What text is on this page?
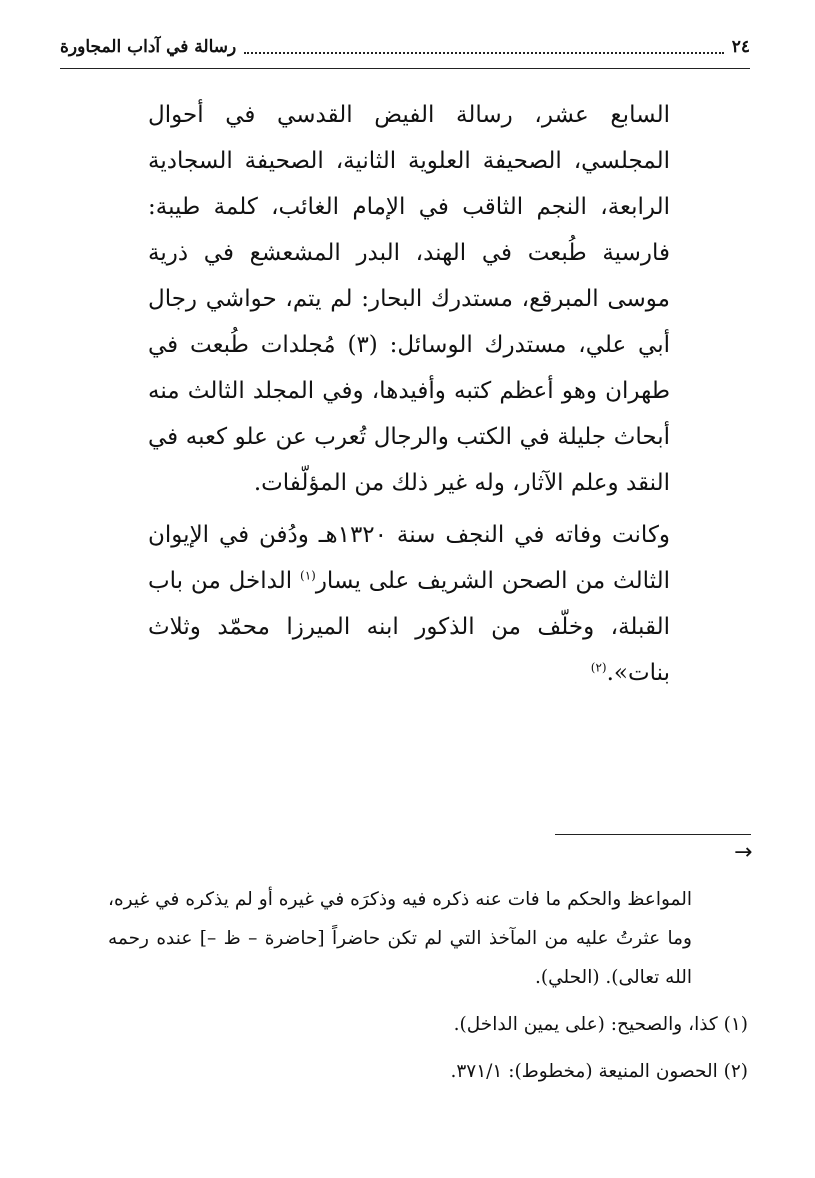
٢٤
رسالة في آداب المجاورة

السابع عشر، رسالة الفيض القدسي في أحوال المجلسي، الصحيفة العلوية الثانية، الصحيفة السجادية الرابعة، النجم الثاقب في الإمام الغائب، كلمة طيبة: فارسية طُبعت في الهند، البدر المشعشع في ذرية موسى المبرقع، مستدرك البحار: لم يتم، حواشي رجال أبي علي، مستدرك الوسائل: (٣) مُجلدات طُبعت في طهران وهو أعظم كتبه وأفيدها، وفي المجلد الثالث منه أبحاث جليلة في الكتب والرجال تُعرب عن علو كعبه في النقد وعلم الآثار، وله غير ذلك من المؤلّفات.

وكانت وفاته في النجف سنة ١٣٢٠هـ ودُفن في الإيوان الثالث من الصحن الشريف على يسار$^{(١)}$ الداخل من باب القبلة، وخلّف من الذكور ابنه الميرزا محمّد وثلاث بنات».$^{(٢)}$

→

المواعظ والحكم ما فات عنه ذكره فيه وذكرَه في غيره أو لم يذكره في غيره، وما عثرتُ عليه من المآخذ التي لم تكن حاضراً [حاضرة – ظ –] عنده رحمه الله تعالى). (الحلي).

(١) كذا، والصحيح: (على يمين الداخل).

(٢) الحصون المنيعة (مخطوط): ٣٧١/١.
